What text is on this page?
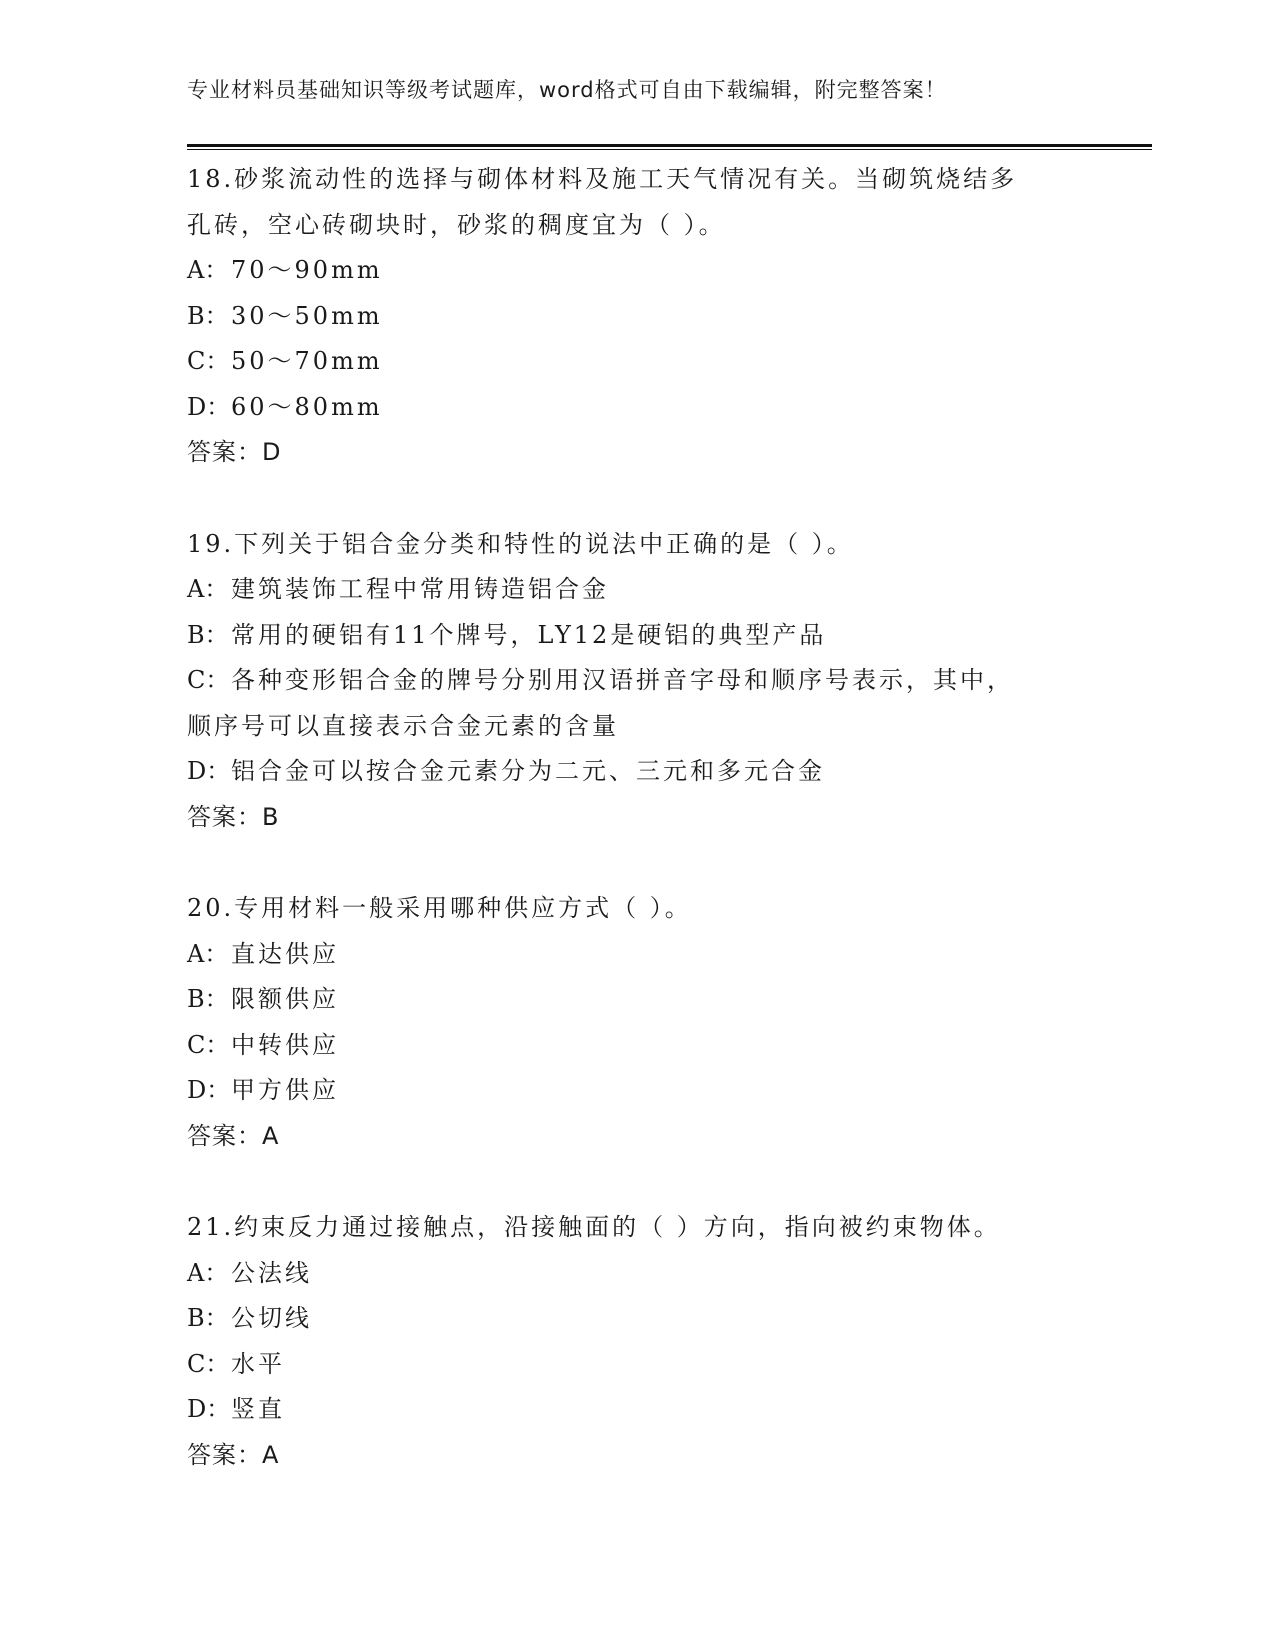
专业材料员基础知识等级考试题库，word格式可自由下载编辑，附完整答案！
18.砂浆流动性的选择与砌体材料及施工天气情况有关。当砌筑烧结多
孔砖，空心砖砌块时，砂浆的稠度宜为（ ）。
A： 70～90mm
B：30～50mm
C：50～70mm
D：60～80mm
答案：D
19.下列关于铝合金分类和特性的说法中正确的是（ ）。
A： 建筑装饰工程中常用铸造铝合金
B：常用的硬铝有11个牌号，LY12是硬铝的典型产品
C：各种变形铝合金的牌号分别用汉语拼音字母和顺序号表示，其中，
顺序号可以直接表示合金元素的含量
D：铝合金可以按合金元素分为二元、三元和多元合金
答案：B
20.专用材料一般采用哪种供应方式（ ）。
A： 直达供应
B：限额供应
C：中转供应
D：甲方供应
答案：A
21.约束反力通过接触点，沿接触面的（ ）方向，指向被约束物体。
A： 公法线
B：公切线
C：水平
D：竖直
答案：A
